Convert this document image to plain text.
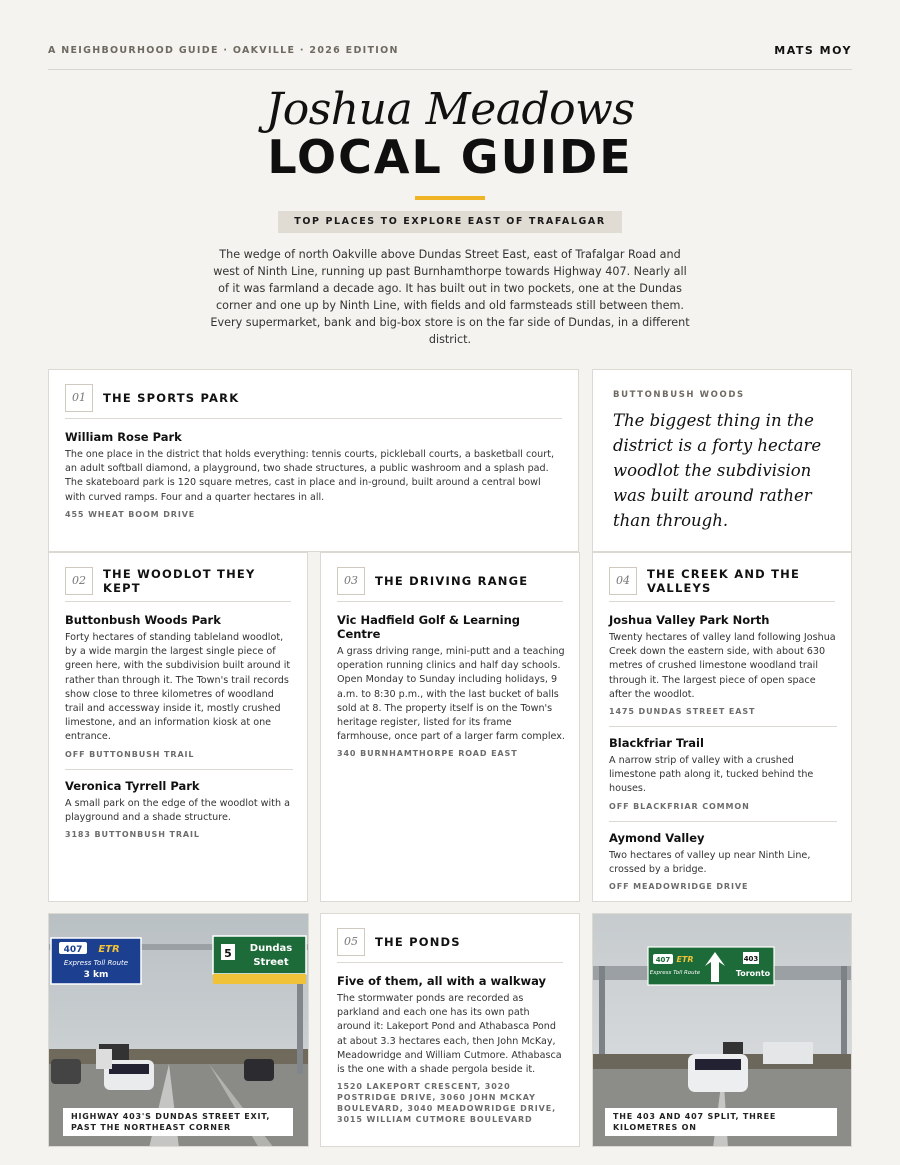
A NEIGHBOURHOOD GUIDE · OAKVILLE · 2026 EDITION	MATS MOY
Joshua Meadows
LOCAL GUIDE
TOP PLACES TO EXPLORE EAST OF TRAFALGAR
The wedge of north Oakville above Dundas Street East, east of Trafalgar Road and west of Ninth Line, running up past Burnhamthorpe towards Highway 407. Nearly all of it was farmland a decade ago. It has built out in two pockets, one at the Dundas corner and one up by Ninth Line, with fields and old farmsteads still between them. Every supermarket, bank and big-box store is on the far side of Dundas, in a different district.
01	THE SPORTS PARK
William Rose Park
The one place in the district that holds everything: tennis courts, pickleball courts, a basketball court, an adult softball diamond, a playground, two shade structures, a public washroom and a splash pad. The skateboard park is 120 square metres, cast in place and in-ground, built around a central bowl with curved ramps. Four and a quarter hectares in all.
455 WHEAT BOOM DRIVE
BUTTONBUSH WOODS
The biggest thing in the district is a forty hectare woodlot the subdivision was built around rather than through.
02	THE WOODLOT THEY KEPT
Buttonbush Woods Park
Forty hectares of standing tableland woodlot, by a wide margin the largest single piece of green here, with the subdivision built around it rather than through it. The Town's trail records show close to three kilometres of woodland trail and accessway inside it, mostly crushed limestone, and an information kiosk at one entrance.
OFF BUTTONBUSH TRAIL
Veronica Tyrrell Park
A small park on the edge of the woodlot with a playground and a shade structure.
3183 BUTTONBUSH TRAIL
03	THE DRIVING RANGE
Vic Hadfield Golf & Learning Centre
A grass driving range, mini-putt and a teaching operation running clinics and half day schools. Open Monday to Sunday including holidays, 9 a.m. to 8:30 p.m., with the last bucket of balls sold at 8. The property itself is on the Town's heritage register, listed for its frame farmhouse, once part of a larger farm complex.
340 BURNHAMTHORPE ROAD EAST
04	THE CREEK AND THE VALLEYS
Joshua Valley Park North
Twenty hectares of valley land following Joshua Creek down the eastern side, with about 630 metres of crushed limestone woodland trail through it. The largest piece of open space after the woodlot.
1475 DUNDAS STREET EAST
Blackfriar Trail
A narrow strip of valley with a crushed limestone path along it, tucked behind the houses.
OFF BLACKFRIAR COMMON
Aymond Valley
Two hectares of valley up near Ninth Line, crossed by a bridge.
OFF MEADOWRIDGE DRIVE
407 ETR
Express Toll Route
3 km
5 Dundas
Street
HIGHWAY 403'S DUNDAS STREET EXIT, PAST THE NORTHEAST CORNER
05	THE PONDS
Five of them, all with a walkway
The stormwater ponds are recorded as parkland and each one has its own path around it: Lakeport Pond and Athabasca Pond at about 3.3 hectares each, then John McKay, Meadowridge and William Cutmore. Athabasca is the one with a shade pergola beside it.
1520 LAKEPORT CRESCENT, 3020 POSTRIDGE DRIVE, 3060 JOHN MCKAY BOULEVARD, 3040 MEADOWRIDGE DRIVE, 3015 WILLIAM CUTMORE BOULEVARD
407 ETR
Express Toll Route
403
Toronto
THE 403 AND 407 SPLIT, THREE KILOMETRES ON
